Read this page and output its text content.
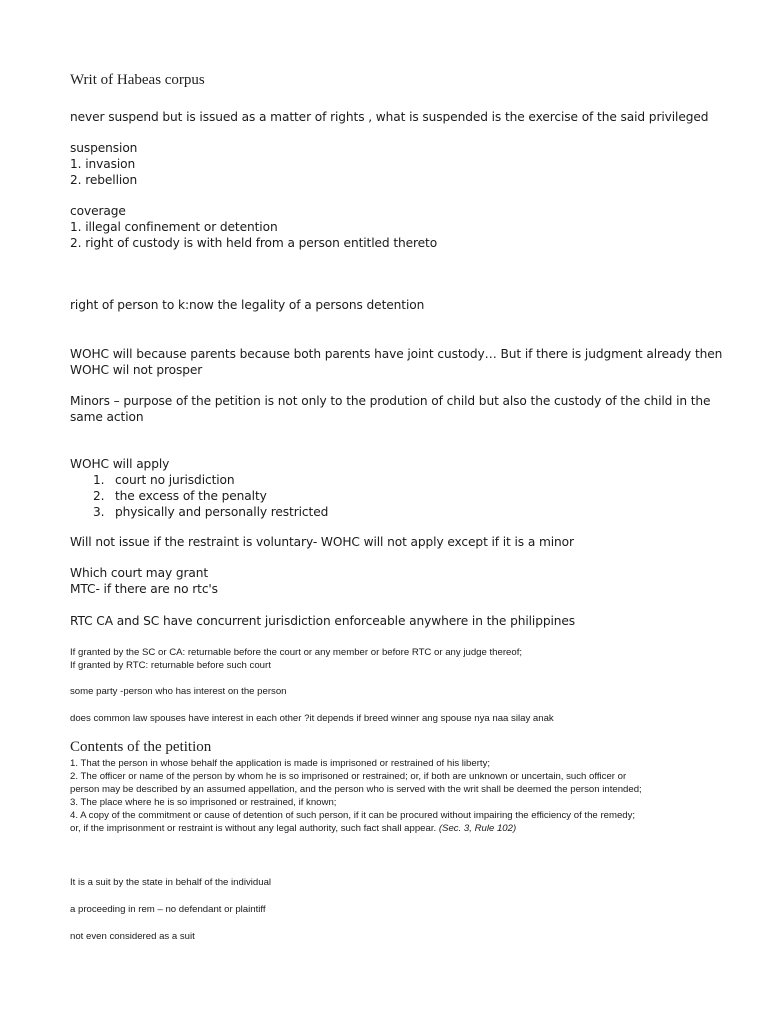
Writ of Habeas corpus
never suspend but is issued as a matter of rights , what is suspended is the exercise of the said privileged
suspension
1. invasion
2. rebellion
coverage
1. illegal confinement or detention
2. right of custody is with held from a person entitled thereto
right of person to k:now the legality of a persons detention
WOHC will because parents because both parents have joint custody… But if there is judgment already then
WOHC wil not prosper
Minors – purpose of the petition is not only to the prodution of child but also the custody of the child in the
same action
WOHC will apply
1. court no jurisdiction
2. the excess of the penalty
3. physically and personally restricted
Will not issue if the restraint is voluntary- WOHC will not apply except if it is a minor
Which court may grant
MTC- if there are no rtc's
RTC CA and SC have concurrent jurisdiction enforceable anywhere in the philippines
If granted by the SC or CA: returnable before the court or any member or before RTC or any judge thereof;
If granted by RTC: returnable before such court
some party -person who has interest on the person
does common law spouses have interest in each other ?it depends if breed winner ang spouse nya naa silay anak
Contents of the petition
1. That the person in whose behalf the application is made is imprisoned or restrained of his liberty;
2. The officer or name of the person by whom he is so imprisoned or restrained; or, if both are unknown or uncertain, such officer or
person may be described by an assumed appellation, and the person who is served with the writ shall be deemed the person intended;
3. The place where he is so imprisoned or restrained, if known;
4. A copy of the commitment or cause of detention of such person, if it can be procured without impairing the efficiency of the remedy;
or, if the imprisonment or restraint is without any legal authority, such fact shall appear. (Sec. 3, Rule 102)
It is a suit by the state in behalf of the individual
a proceeding in rem – no defendant or plaintiff
not even considered as a suit
